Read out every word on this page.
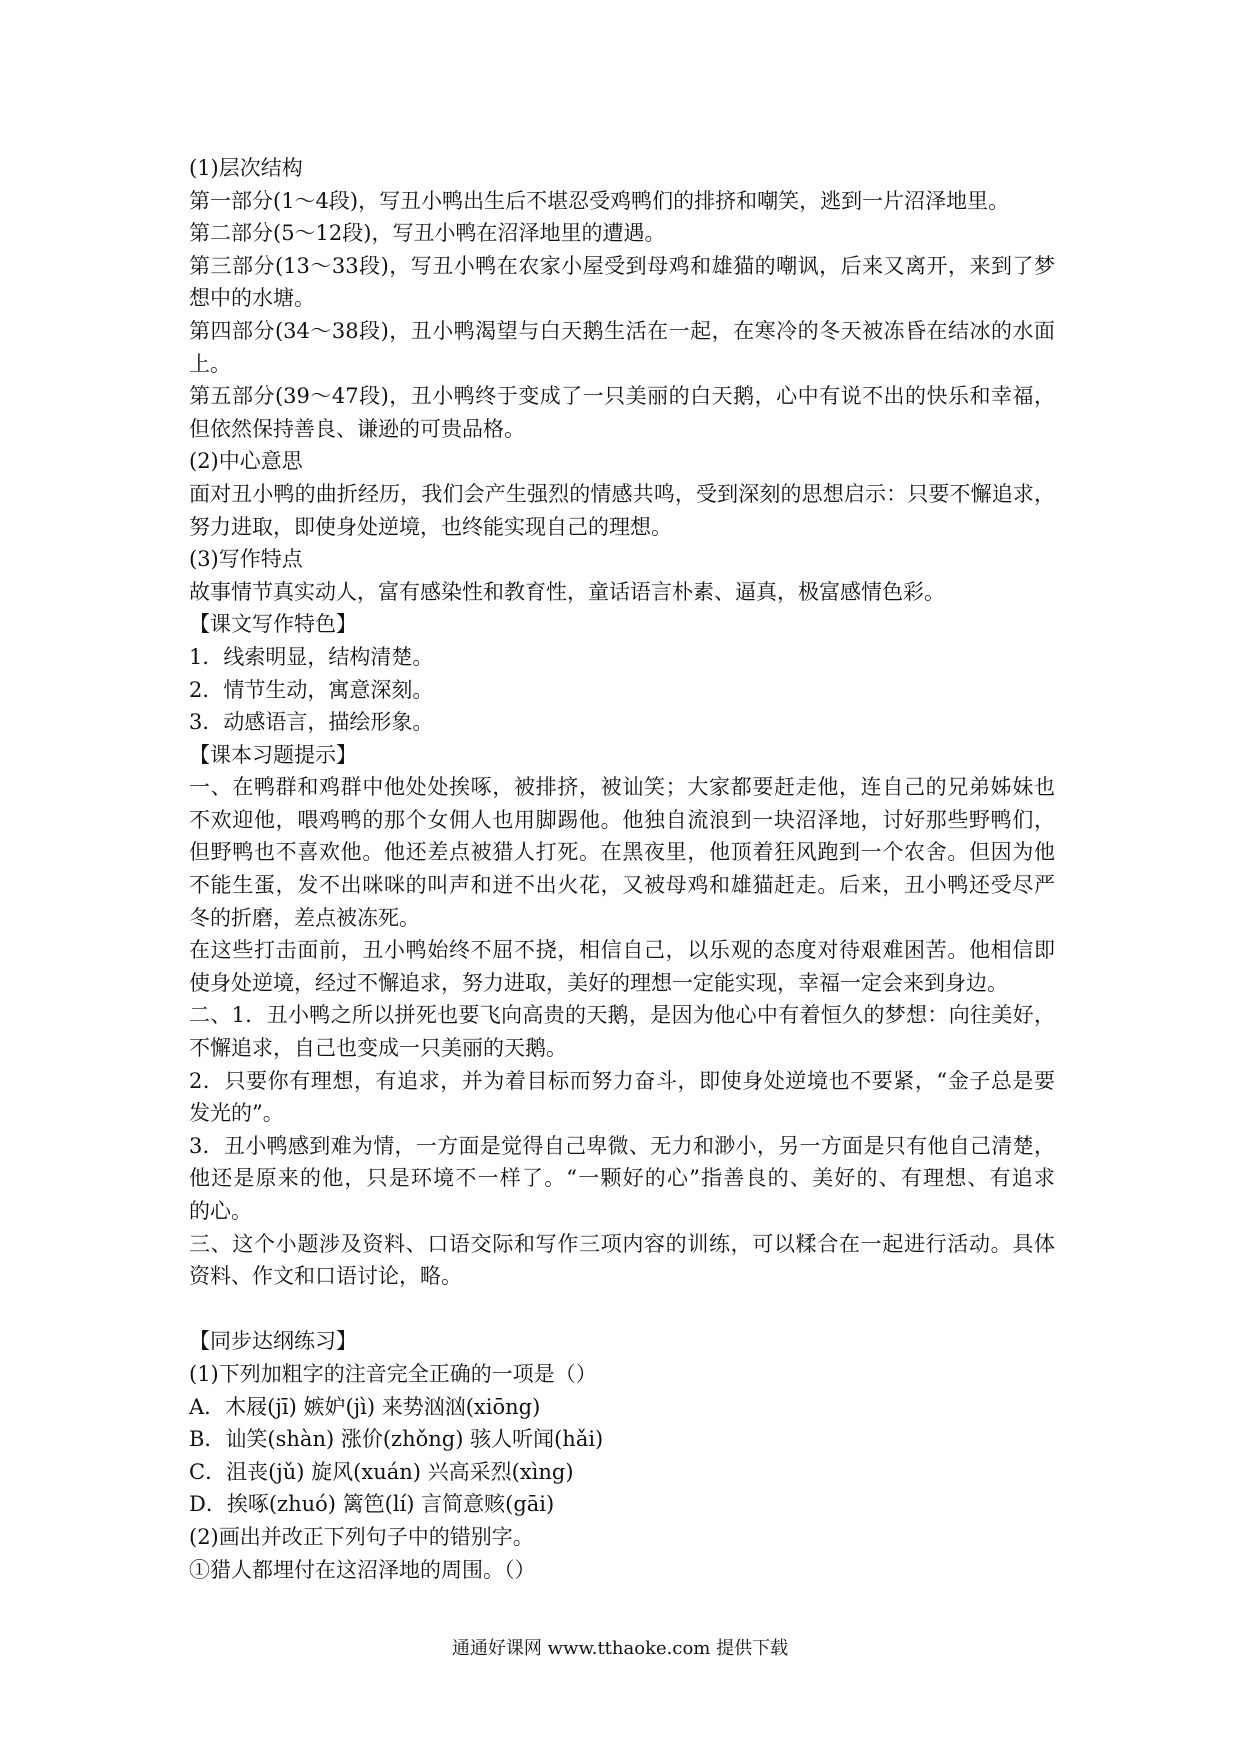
(1)层次结构
第一部分(1～4段)，写丑小鸭出生后不堪忍受鸡鸭们的排挤和嘲笑，逃到一片沼泽地里。
第二部分(5～12段)，写丑小鸭在沼泽地里的遭遇。
第三部分(13～33段)，写丑小鸭在农家小屋受到母鸡和雄猫的嘲讽，后来又离开，来到了梦
想中的水塘。
第四部分(34～38段)，丑小鸭渴望与白天鹅生活在一起，在寒冷的冬天被冻昏在结冰的水面
上。
第五部分(39～47段)，丑小鸭终于变成了一只美丽的白天鹅，心中有说不出的快乐和幸福，
但依然保持善良、谦逊的可贵品格。
(2)中心意思
面对丑小鸭的曲折经历，我们会产生强烈的情感共鸣，受到深刻的思想启示：只要不懈追求，
努力进取，即使身处逆境，也终能实现自己的理想。
(3)写作特点
故事情节真实动人，富有感染性和教育性，童话语言朴素、逼真，极富感情色彩。
【课文写作特色】
1．线索明显，结构清楚。
2．情节生动，寓意深刻。
3．动感语言，描绘形象。
【课本习题提示】
一、在鸭群和鸡群中他处处挨啄，被排挤，被讪笑；大家都要赶走他，连自己的兄弟姊妹也
不欢迎他，喂鸡鸭的那个女佣人也用脚踢他。他独自流浪到一块沼泽地，讨好那些野鸭们，
但野鸭也不喜欢他。他还差点被猎人打死。在黑夜里，他顶着狂风跑到一个农舍。但因为他
不能生蛋，发不出咪咪的叫声和迸不出火花，又被母鸡和雄猫赶走。后来，丑小鸭还受尽严
冬的折磨，差点被冻死。
在这些打击面前，丑小鸭始终不屈不挠，相信自己，以乐观的态度对待艰难困苦。他相信即
使身处逆境，经过不懈追求，努力进取，美好的理想一定能实现，幸福一定会来到身边。
二、1．丑小鸭之所以拼死也要飞向高贵的天鹅，是因为他心中有着恒久的梦想：向往美好，
不懈追求，自己也变成一只美丽的天鹅。
2．只要你有理想，有追求，并为着目标而努力奋斗，即使身处逆境也不要紧，“金子总是要
发光的”。
3．丑小鸭感到难为情，一方面是觉得自己卑微、无力和渺小，另一方面是只有他自己清楚，
他还是原来的他，只是环境不一样了。“一颗好的心”指善良的、美好的、有理想、有追求
的心。
三、这个小题涉及资料、口语交际和写作三项内容的训练，可以糅合在一起进行活动。具体
资料、作文和口语讨论，略。
【同步达纲练习】
(1)下列加粗字的注音完全正确的一项是（）
A．木屐(jī) 嫉妒(jì) 来势汹汹(xiōng)
B．讪笑(shàn) 涨价(zhǒng) 骇人听闻(hǎi)
C．沮丧(jǔ) 旋风(xuán) 兴高采烈(xìng)
D．挨啄(zhuó) 篱笆(lí) 言简意赅(gāi)
(2)画出并改正下列句子中的错别字。
①猎人都埋付在这沼泽地的周围。（）
通通好课网 www.tthaoke.com 提供下载
